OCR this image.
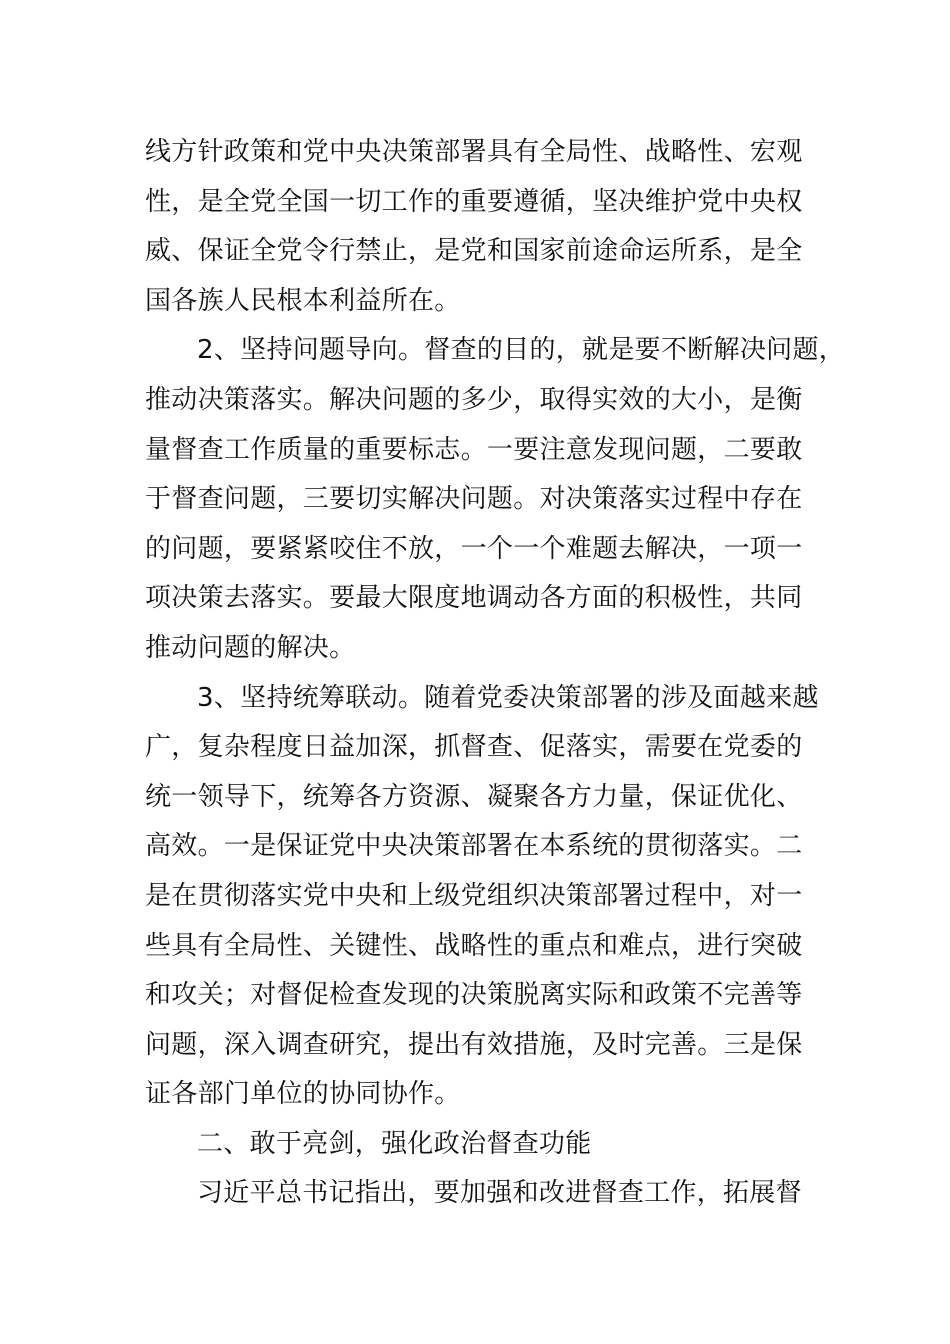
线方针政策和党中央决策部署具有全局性、战略性、宏观
性，是全党全国一切工作的重要遵循，坚决维护党中央权
威、保证全党令行禁止，是党和国家前途命运所系，是全
国各族人民根本利益所在。
2、坚持问题导向。督查的目的，就是要不断解决问题，
推动决策落实。解决问题的多少，取得实效的大小，是衡
量督查工作质量的重要标志。一要注意发现问题，二要敢
于督查问题，三要切实解决问题。对决策落实过程中存在
的问题，要紧紧咬住不放，一个一个难题去解决，一项一
项决策去落实。要最大限度地调动各方面的积极性，共同
推动问题的解决。
3、坚持统筹联动。随着党委决策部署的涉及面越来越
广，复杂程度日益加深，抓督查、促落实，需要在党委的
统一领导下，统筹各方资源、凝聚各方力量，保证优化、
高效。一是保证党中央决策部署在本系统的贯彻落实。二
是在贯彻落实党中央和上级党组织决策部署过程中，对一
些具有全局性、关键性、战略性的重点和难点，进行突破
和攻关；对督促检查发现的决策脱离实际和政策不完善等
问题，深入调查研究，提出有效措施，及时完善。三是保
证各部门单位的协同协作。
二、敢于亮剑，强化政治督查功能
习近平总书记指出，要加强和改进督查工作，拓展督
